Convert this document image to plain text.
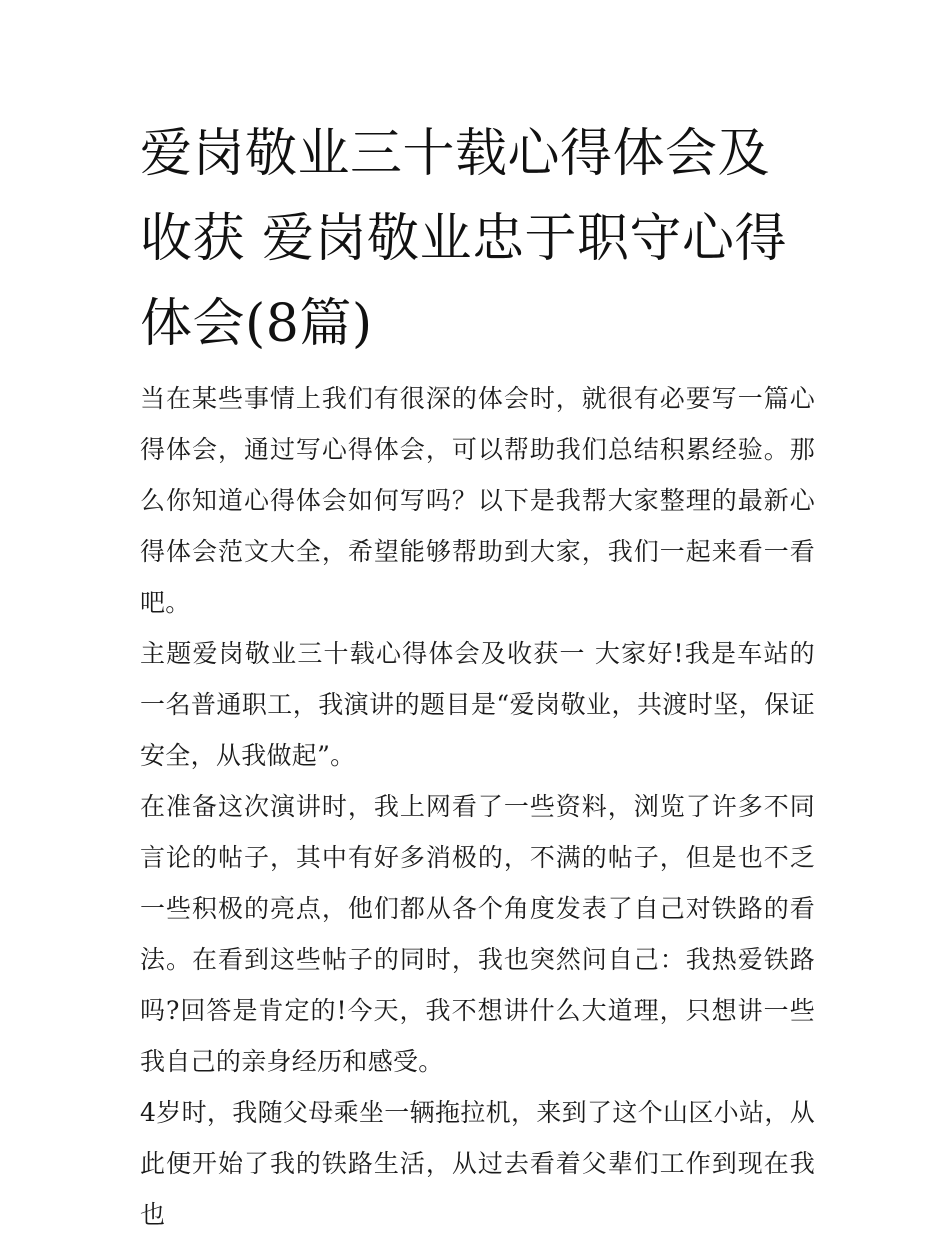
爱岗敬业三十载心得体会及收获 爱岗敬业忠于职守心得体会(8篇)

当在某些事情上我们有很深的体会时，就很有必要写一篇心得体会，通过写心得体会，可以帮助我们总结积累经验。那么你知道心得体会如何写吗？以下是我帮大家整理的最新心得体会范文大全，希望能够帮助到大家，我们一起来看一看吧。

主题爱岗敬业三十载心得体会及收获一 大家好!我是车站的一名普通职工，我演讲的题目是“爱岗敬业，共渡时坚，保证安全，从我做起”。

在准备这次演讲时，我上网看了一些资料，浏览了许多不同言论的帖子，其中有好多消极的，不满的帖子，但是也不乏一些积极的亮点，他们都从各个角度发表了自己对铁路的看法。在看到这些帖子的同时，我也突然问自己：我热爱铁路吗?回答是肯定的!今天，我不想讲什么大道理，只想讲一些我自己的亲身经历和感受。

4岁时，我随父母乘坐一辆拖拉机，来到了这个山区小站，从此便开始了我的铁路生活，从过去看着父辈们工作到现在我也
